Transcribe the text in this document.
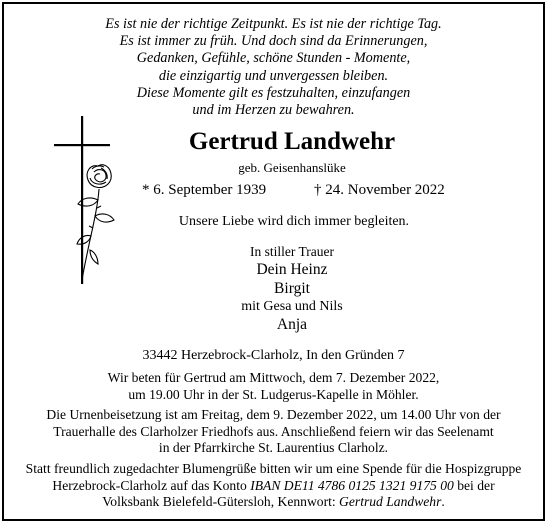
Es ist nie der richtige Zeitpunkt. Es ist nie der richtige Tag.
Es ist immer zu früh. Und doch sind da Erinnerungen,
Gedanken, Gefühle, schöne Stunden - Momente,
die einzigartig und unvergessen bleiben.
Diese Momente gilt es festzuhalten, einzufangen
und im Herzen zu bewahren.
Gertrud Landwehr
geb. Geisenhanslüke
* 6. September 1939	† 24. November 2022
Unsere Liebe wird dich immer begleiten.
In stiller Trauer
Dein Heinz
Birgit
mit Gesa und Nils
Anja
33442 Herzebrock-Clarholz, In den Gründen 7
Wir beten für Gertrud am Mittwoch, dem 7. Dezember 2022,
um 19.00 Uhr in der St. Ludgerus-Kapelle in Möhler.
Die Urnenbeisetzung ist am Freitag, dem 9. Dezember 2022, um 14.00 Uhr von der
Trauerhalle des Clarholzer Friedhofs aus. Anschließend feiern wir das Seelenamt
in der Pfarrkirche St. Laurentius Clarholz.
Statt freundlich zugedachter Blumengrüße bitten wir um eine Spende für die Hospizgruppe
Herzebrock-Clarholz auf das Konto IBAN DE11 4786 0125 1321 9175 00 bei der
Volksbank Bielefeld-Gütersloh, Kennwort: Gertrud Landwehr.
